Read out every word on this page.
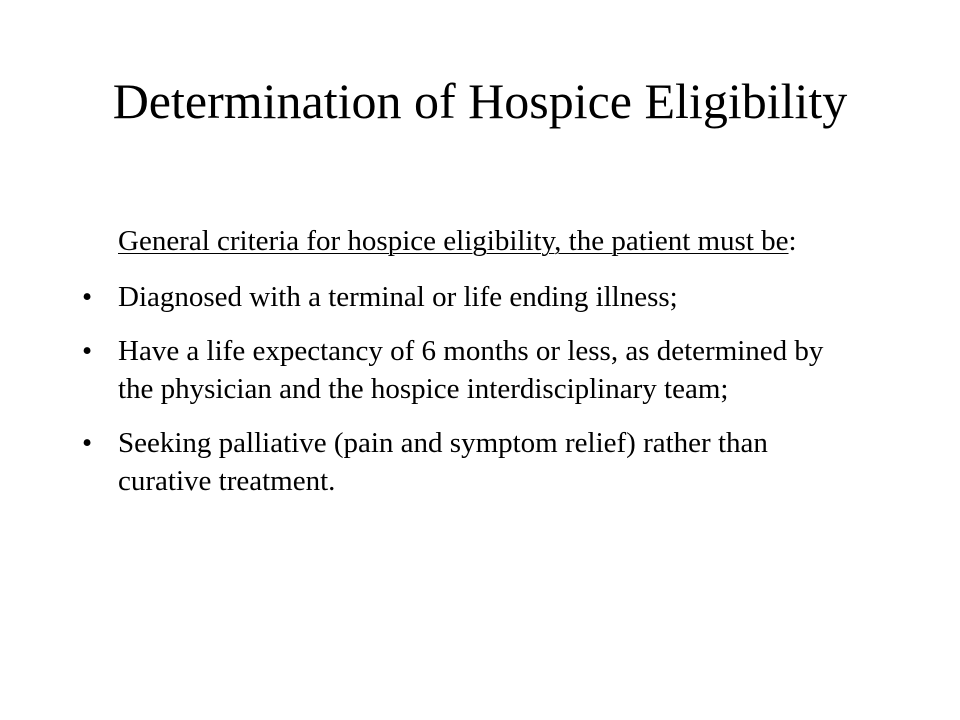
Determination of Hospice Eligibility

General criteria for hospice eligibility, the patient must be:

• Diagnosed with a terminal or life ending illness;
• Have a life expectancy of 6 months or less, as determined by the physician and the hospice interdisciplinary team;
• Seeking palliative (pain and symptom relief) rather than curative treatment.
